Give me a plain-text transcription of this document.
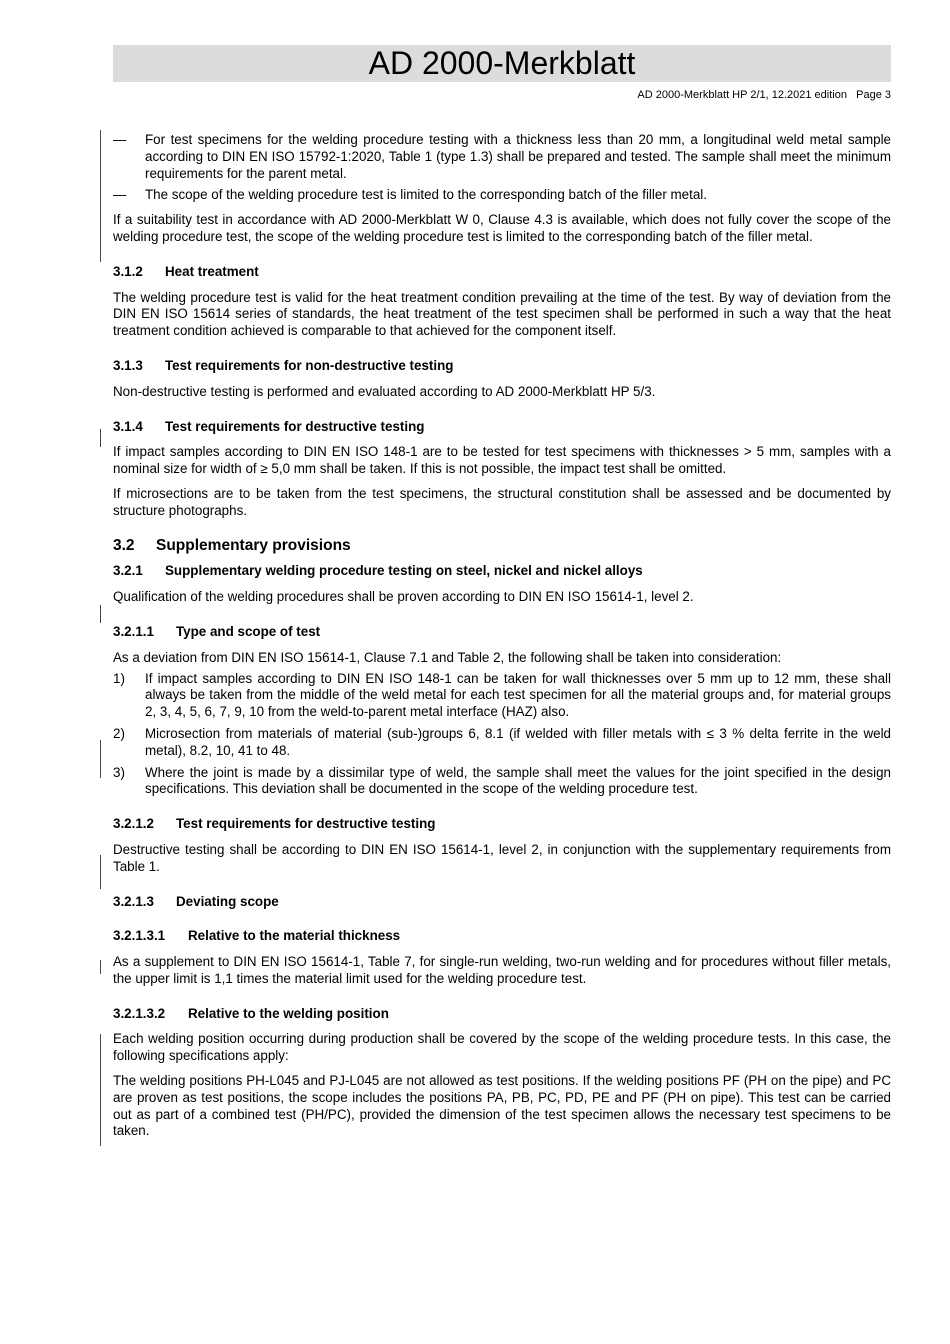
AD 2000-Merkblatt
AD 2000-Merkblatt HP 2/1, 12.2021 edition   Page 3
— For test specimens for the welding procedure testing with a thickness less than 20 mm, a longitudinal weld metal sample according to DIN EN ISO 15792-1:2020, Table 1 (type 1.3) shall be prepared and tested. The sample shall meet the minimum requirements for the parent metal.
— The scope of the welding procedure test is limited to the corresponding batch of the filler metal.

If a suitability test in accordance with AD 2000-Merkblatt W 0, Clause 4.3 is available, which does not fully cover the scope of the welding procedure test, the scope of the welding procedure test is limited to the corresponding batch of the filler metal.

3.1.2 Heat treatment

The welding procedure test is valid for the heat treatment condition prevailing at the time of the test. By way of deviation from the DIN EN ISO 15614 series of standards, the heat treatment of the test specimen shall be performed in such a way that the heat treatment condition achieved is comparable to that achieved for the component itself.

3.1.3 Test requirements for non-destructive testing

Non-destructive testing is performed and evaluated according to AD 2000-Merkblatt HP 5/3.

3.1.4 Test requirements for destructive testing

If impact samples according to DIN EN ISO 148-1 are to be tested for test specimens with thicknesses > 5 mm, samples with a nominal size for width of ≥ 5,0 mm shall be taken. If this is not possible, the impact test shall be omitted.

If microsections are to be taken from the test specimens, the structural constitution shall be assessed and be documented by structure photographs.

3.2 Supplementary provisions
3.2.1 Supplementary welding procedure testing on steel, nickel and nickel alloys

Qualification of the welding procedures shall be proven according to DIN EN ISO 15614-1, level 2.

3.2.1.1 Type and scope of test

As a deviation from DIN EN ISO 15614-1, Clause 7.1 and Table 2, the following shall be taken into consideration:

1) If impact samples according to DIN EN ISO 148-1 can be taken for wall thicknesses over 5 mm up to 12 mm, these shall always be taken from the middle of the weld metal for each test specimen for all the material groups and, for material groups 2, 3, 4, 5, 6, 7, 9, 10 from the weld-to-parent metal interface (HAZ) also.
2) Microsection from materials of material (sub-)groups 6, 8.1 (if welded with filler metals with ≤ 3 % delta ferrite in the weld metal), 8.2, 10, 41 to 48.
3) Where the joint is made by a dissimilar type of weld, the sample shall meet the values for the joint specified in the design specifications. This deviation shall be documented in the scope of the welding procedure test.
3.2.1.2 Test requirements for destructive testing

Destructive testing shall be according to DIN EN ISO 15614-1, level 2, in conjunction with the supplementary requirements from Table 1.

3.2.1.3 Deviating scope
3.2.1.3.1 Relative to the material thickness

As a supplement to DIN EN ISO 15614-1, Table 7, for single-run welding, two-run welding and for procedures without filler metals, the upper limit is 1,1 times the material limit used for the welding procedure test.

3.2.1.3.2 Relative to the welding position

Each welding position occurring during production shall be covered by the scope of the welding procedure tests. In this case, the following specifications apply:

The welding positions PH-L045 and PJ-L045 are not allowed as test positions. If the welding positions PF (PH on the pipe) and PC are proven as test positions, the scope includes the positions PA, PB, PC, PD, PE and PF (PH on pipe). This test can be carried out as part of a combined test (PH/PC), provided the dimension of the test specimen allows the necessary test specimens to be taken.
